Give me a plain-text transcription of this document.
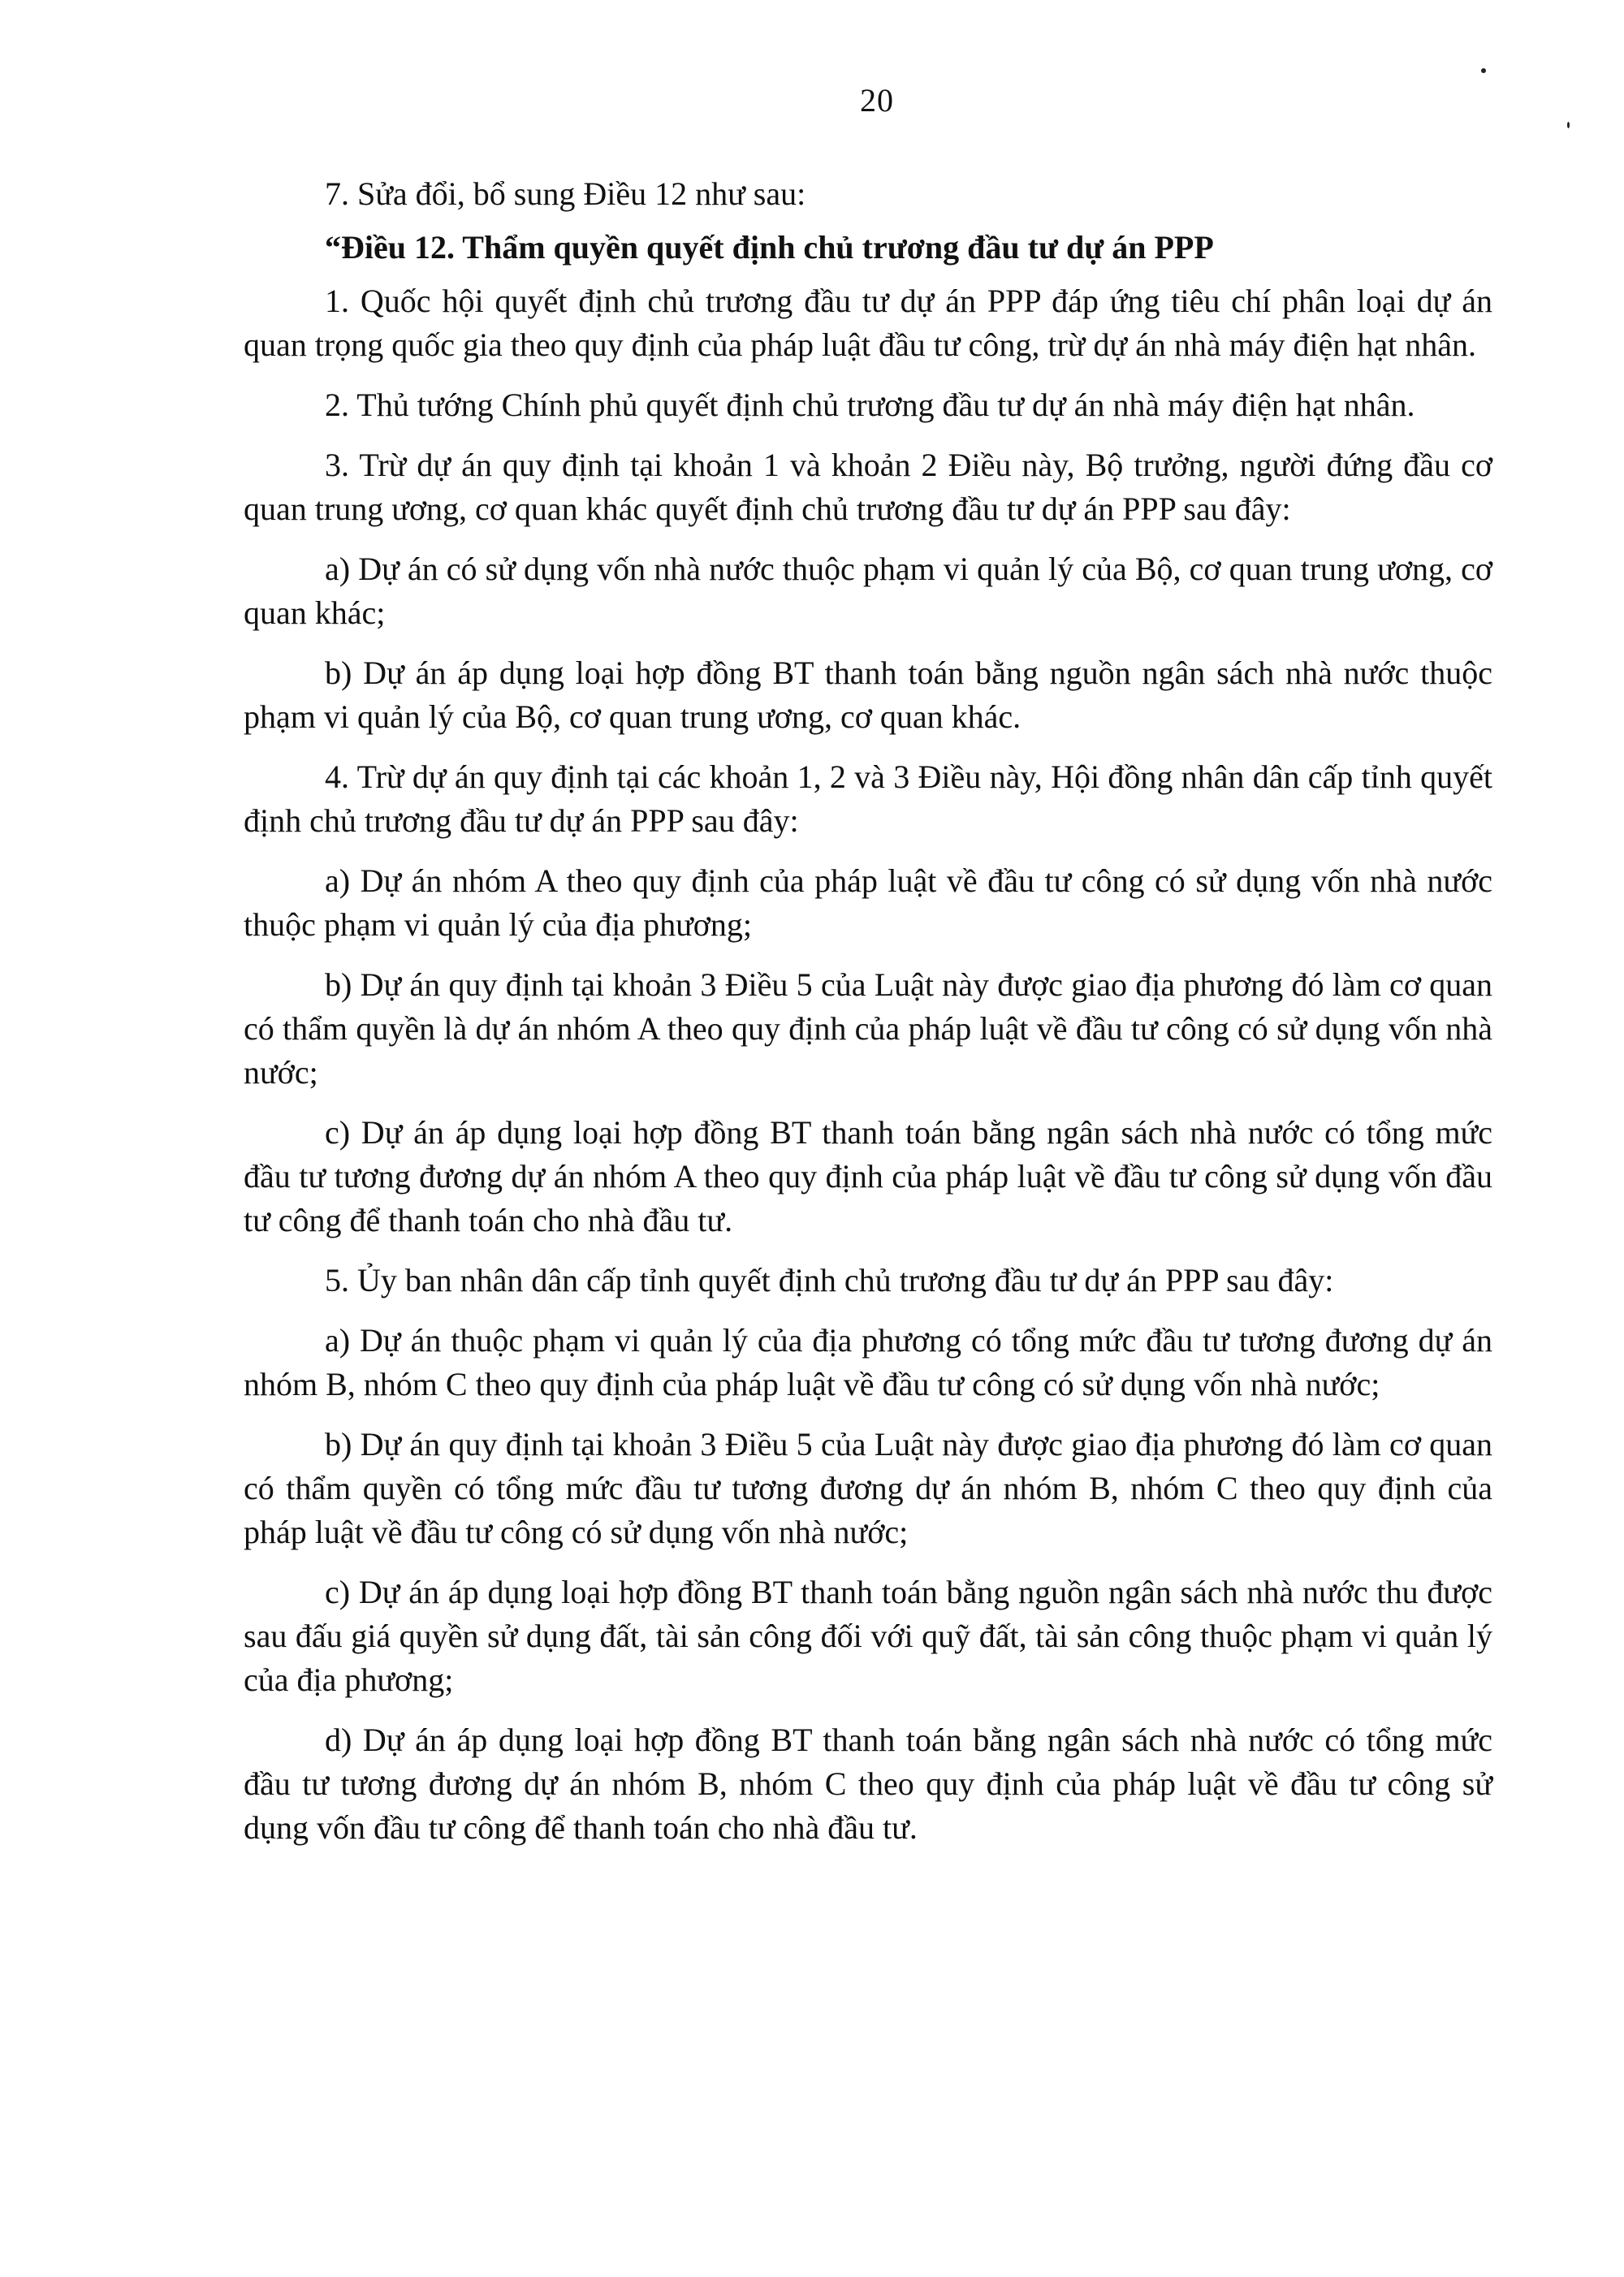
20

7. Sửa đổi, bổ sung Điều 12 như sau:

“Điều 12. Thẩm quyền quyết định chủ trương đầu tư dự án PPP

1. Quốc hội quyết định chủ trương đầu tư dự án PPP đáp ứng tiêu chí phân loại dự án quan trọng quốc gia theo quy định của pháp luật đầu tư công, trừ dự án nhà máy điện hạt nhân.

2. Thủ tướng Chính phủ quyết định chủ trương đầu tư dự án nhà máy điện hạt nhân.

3. Trừ dự án quy định tại khoản 1 và khoản 2 Điều này, Bộ trưởng, người đứng đầu cơ quan trung ương, cơ quan khác quyết định chủ trương đầu tư dự án PPP sau đây:

a) Dự án có sử dụng vốn nhà nước thuộc phạm vi quản lý của Bộ, cơ quan trung ương, cơ quan khác;

b) Dự án áp dụng loại hợp đồng BT thanh toán bằng nguồn ngân sách nhà nước thuộc phạm vi quản lý của Bộ, cơ quan trung ương, cơ quan khác.

4. Trừ dự án quy định tại các khoản 1, 2 và 3 Điều này, Hội đồng nhân dân cấp tỉnh quyết định chủ trương đầu tư dự án PPP sau đây:

a) Dự án nhóm A theo quy định của pháp luật về đầu tư công có sử dụng vốn nhà nước thuộc phạm vi quản lý của địa phương;

b) Dự án quy định tại khoản 3 Điều 5 của Luật này được giao địa phương đó làm cơ quan có thẩm quyền là dự án nhóm A theo quy định của pháp luật về đầu tư công có sử dụng vốn nhà nước;

c) Dự án áp dụng loại hợp đồng BT thanh toán bằng ngân sách nhà nước có tổng mức đầu tư tương đương dự án nhóm A theo quy định của pháp luật về đầu tư công sử dụng vốn đầu tư công để thanh toán cho nhà đầu tư.

5. Ủy ban nhân dân cấp tỉnh quyết định chủ trương đầu tư dự án PPP sau đây:

a) Dự án thuộc phạm vi quản lý của địa phương có tổng mức đầu tư tương đương dự án nhóm B, nhóm C theo quy định của pháp luật về đầu tư công có sử dụng vốn nhà nước;

b) Dự án quy định tại khoản 3 Điều 5 của Luật này được giao địa phương đó làm cơ quan có thẩm quyền có tổng mức đầu tư tương đương dự án nhóm B, nhóm C theo quy định của pháp luật về đầu tư công có sử dụng vốn nhà nước;

c) Dự án áp dụng loại hợp đồng BT thanh toán bằng nguồn ngân sách nhà nước thu được sau đấu giá quyền sử dụng đất, tài sản công đối với quỹ đất, tài sản công thuộc phạm vi quản lý của địa phương;

d) Dự án áp dụng loại hợp đồng BT thanh toán bằng ngân sách nhà nước có tổng mức đầu tư tương đương dự án nhóm B, nhóm C theo quy định của pháp luật về đầu tư công sử dụng vốn đầu tư công để thanh toán cho nhà đầu tư.
